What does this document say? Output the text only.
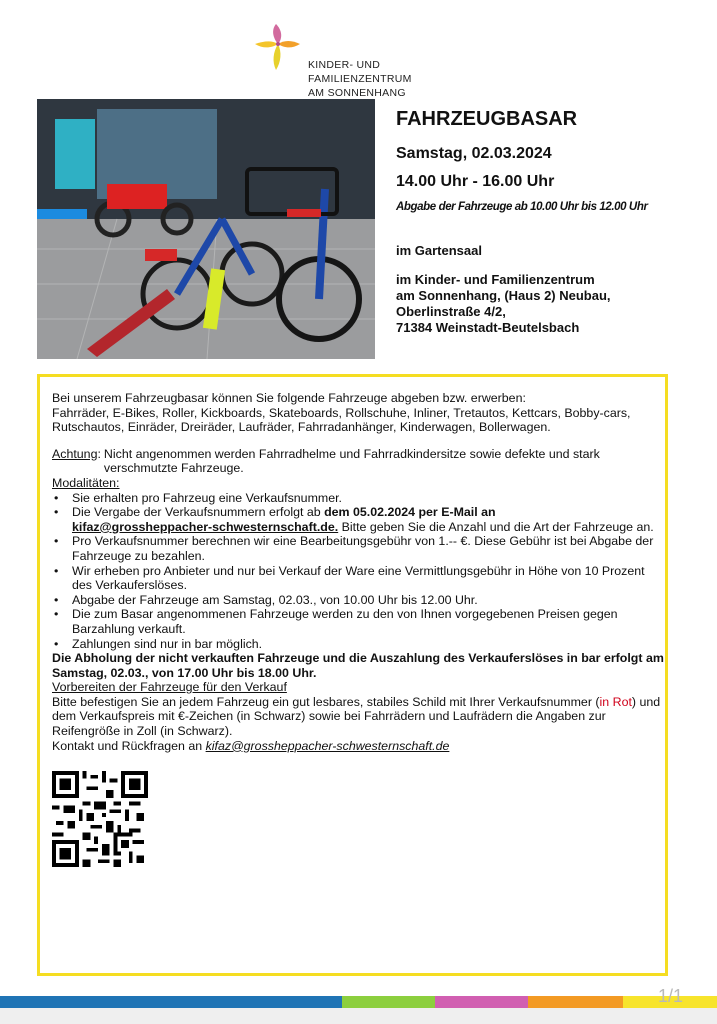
KINDER- UND FAMILIENZENTRUM
AM SONNENHANG
FAHRZEUGBASAR
Samstag, 02.03.2024
14.00 Uhr - 16.00 Uhr
Abgabe der Fahrzeuge ab 10.00 Uhr bis 12.00 Uhr
im Gartensaal
im Kinder- und Familienzentrum
am Sonnenhang, (Haus 2) Neubau,
Oberlinstraße 4/2,
71384 Weinstadt-Beutelsbach

Bei unserem Fahrzeugbasar können Sie folgende Fahrzeuge abgeben bzw. erwerben:

Fahrräder, E-Bikes, Roller, Kickboards, Skateboards, Rollschuhe, Inliner, Tretautos, Kettcars, Bobby-cars, Rutschautos, Einräder, Dreiräder, Laufräder, Fahrradanhänger, Kinderwagen, Bollerwagen.

Achtung: Nicht angenommen werden Fahrradhelme und Fahrradkindersitze sowie defekte und stark verschmutzte Fahrzeuge.

Modalitäten:

• Sie erhalten pro Fahrzeug eine Verkaufsnummer.
• Die Vergabe der Verkaufsnummern erfolgt ab dem 05.02.2024 per E-Mail an
kifaz@grossheppacher-schwesternschaft.de. Bitte geben Sie die Anzahl und die Art der Fahrzeuge an.
• Pro Verkaufsnummer berechnen wir eine Bearbeitungsgebühr von 1.-- €. Diese Gebühr ist bei Abgabe der Fahrzeuge zu bezahlen.
• Wir erheben pro Anbieter und nur bei Verkauf der Ware eine Vermittlungsgebühr in Höhe von 10 Prozent des Verkauferslöses.
• Abgabe der Fahrzeuge am Samstag, 02.03., von 10.00 Uhr bis 12.00 Uhr.
• Die zum Basar angenommenen Fahrzeuge werden zu den von Ihnen vorgegebenen Preisen gegen Barzahlung verkauft.
• Zahlungen sind nur in bar möglich.

Die Abholung der nicht verkauften Fahrzeuge und die Auszahlung des Verkauferslöses in bar erfolgt am Samstag, 02.03., von 17.00 Uhr bis 18.00 Uhr.

Vorbereiten der Fahrzeuge für den Verkauf

Bitte befestigen Sie an jedem Fahrzeug ein gut lesbares, stabiles Schild mit Ihrer Verkaufsnummer (in Rot) und dem Verkaufspreis mit €-Zeichen (in Schwarz) sowie bei Fahrrädern und Laufrädern die Angaben zur Reifengröße in Zoll (in Schwarz).

Kontakt und Rückfragen an kifaz@grossheppacher-schwesternschaft.de

1/1
